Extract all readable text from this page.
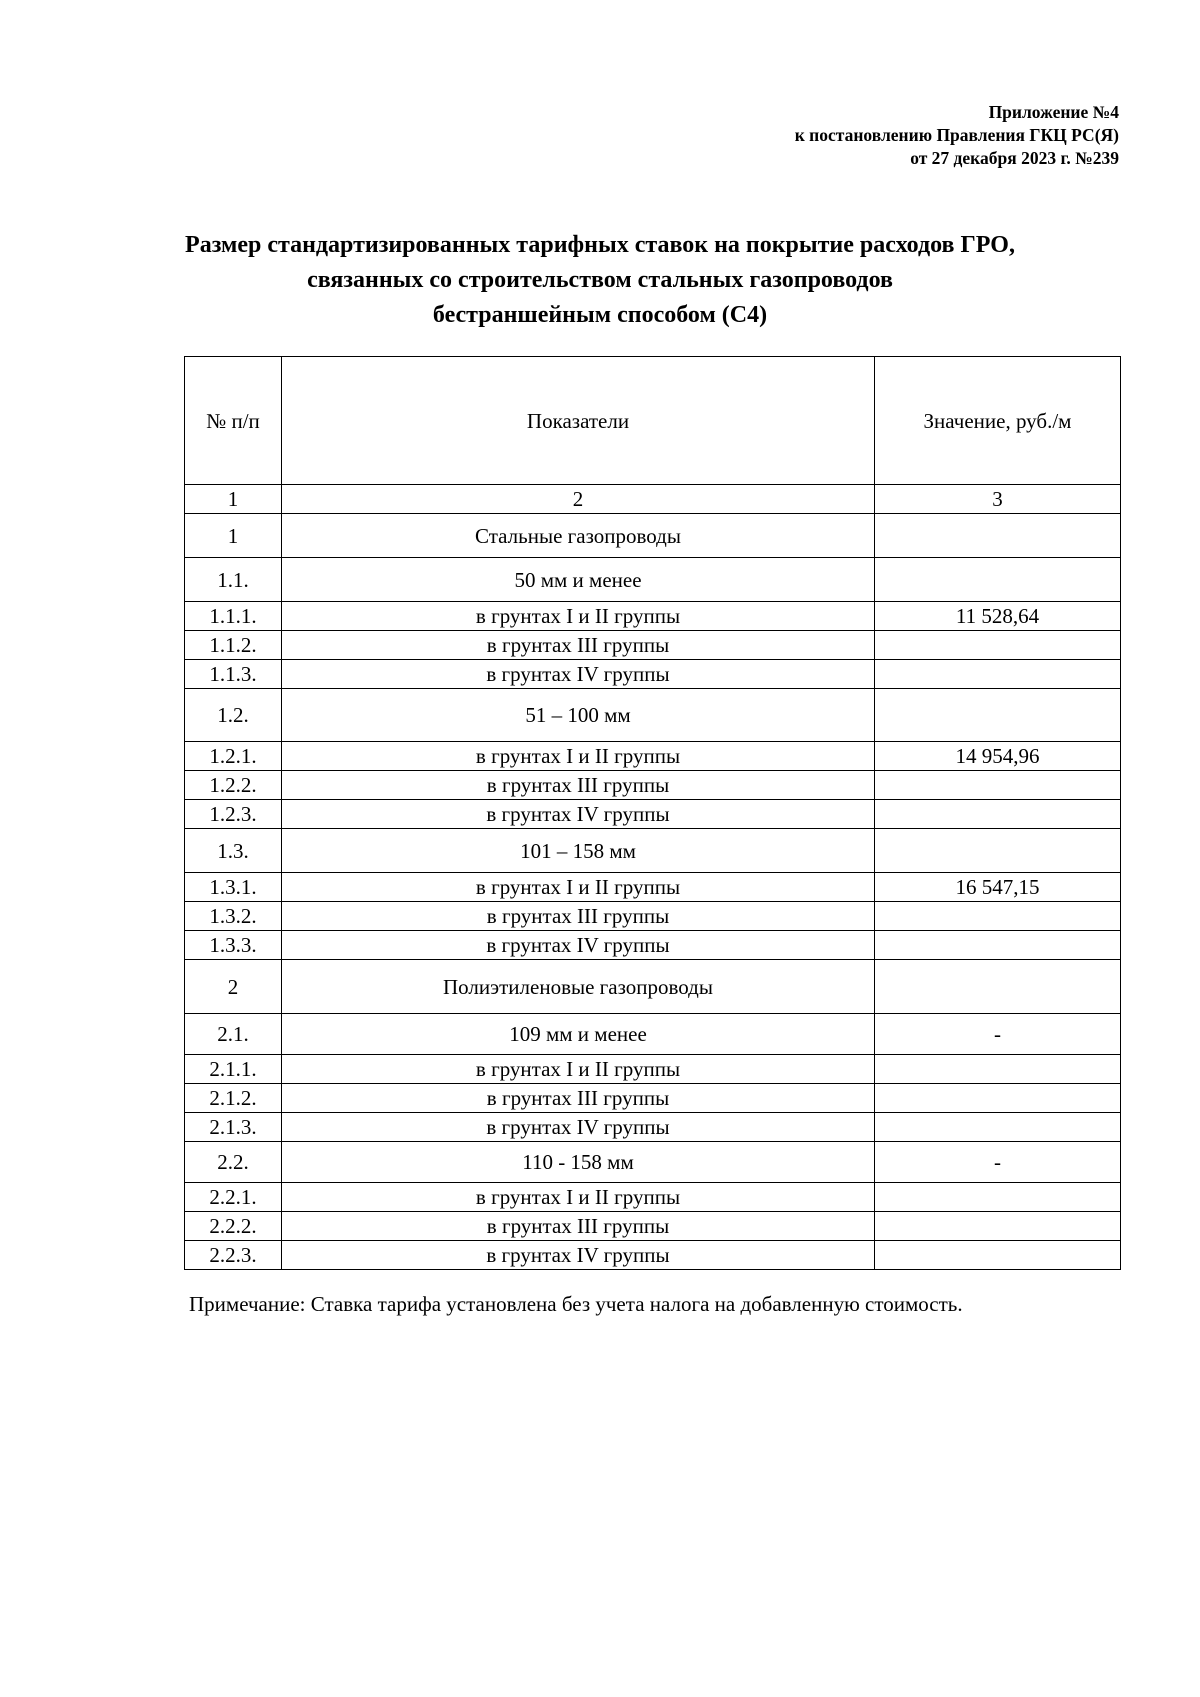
Приложение №4
к постановлению Правления ГКЦ РС(Я)
от 27 декабря 2023 г. №239
Размер стандартизированных тарифных ставок на покрытие расходов ГРО,
связанных со строительством стальных газопроводов
бестраншейным способом (С4)
№ п/п	Показатели	Значение, руб./м
1	2	3
1	Стальные газопроводы	
1.1.	50 мм и менее	
1.1.1.	в грунтах I и II группы	11 528,64
1.1.2.	в грунтах III группы	
1.1.3.	в грунтах IV группы	
1.2.	51 – 100 мм	
1.2.1.	в грунтах I и II группы	14 954,96
1.2.2.	в грунтах III группы	
1.2.3.	в грунтах IV группы	
1.3.	101 – 158 мм	
1.3.1.	в грунтах I и II группы	16 547,15
1.3.2.	в грунтах III группы	
1.3.3.	в грунтах IV группы	
2	Полиэтиленовые газопроводы	
2.1.	109 мм и менее	-
2.1.1.	в грунтах I и II группы	
2.1.2.	в грунтах III группы	
2.1.3.	в грунтах IV группы	
2.2.	110 - 158 мм	-
2.2.1.	в грунтах I и II группы	
2.2.2.	в грунтах III группы	
2.2.3.	в грунтах IV группы	
Примечание: Ставка тарифа установлена без учета налога на добавленную стоимость.
